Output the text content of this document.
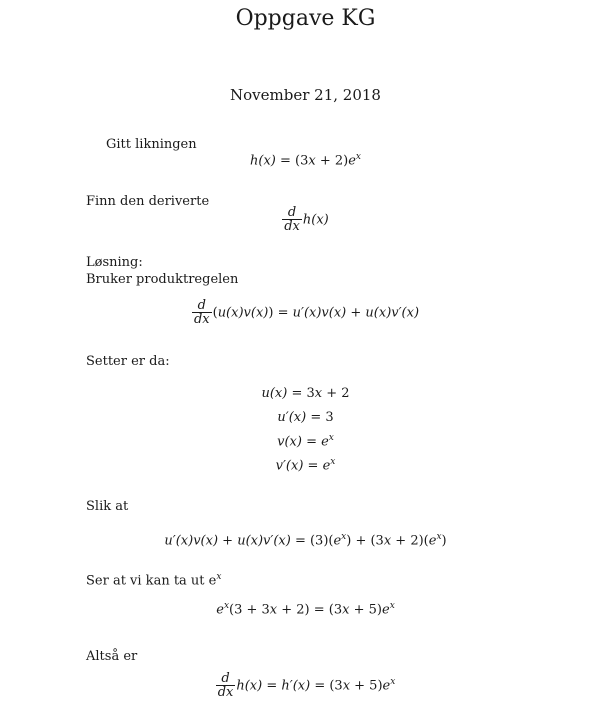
Oppgave KG
November 21, 2018
Gitt likningen
$h(x) = (3x + 2)e^x$
Finn den deriverte
$\frac{d}{dx} h(x)$
Løsning:
Bruker produktregelen
$\frac{d}{dx} (u(x)v(x)) = u'(x)v(x) + u(x)v'(x)$
Setter er da:
u(x) = 3x + 2
u′(x) = 3
$v(x) = e^x$
$v'(x) = e^x$
Slik at
$u'(x)v(x) + u(x)v'(x) = (3)(e^x) + (3x + 2)(e^x)$
Ser at vi kan ta ut $e^x$
$e^x(3 + 3x + 2) = (3x + 5)e^x$
Altså er
$\frac{d}{dx} h(x) = h'(x) = (3x + 5)e^x$
